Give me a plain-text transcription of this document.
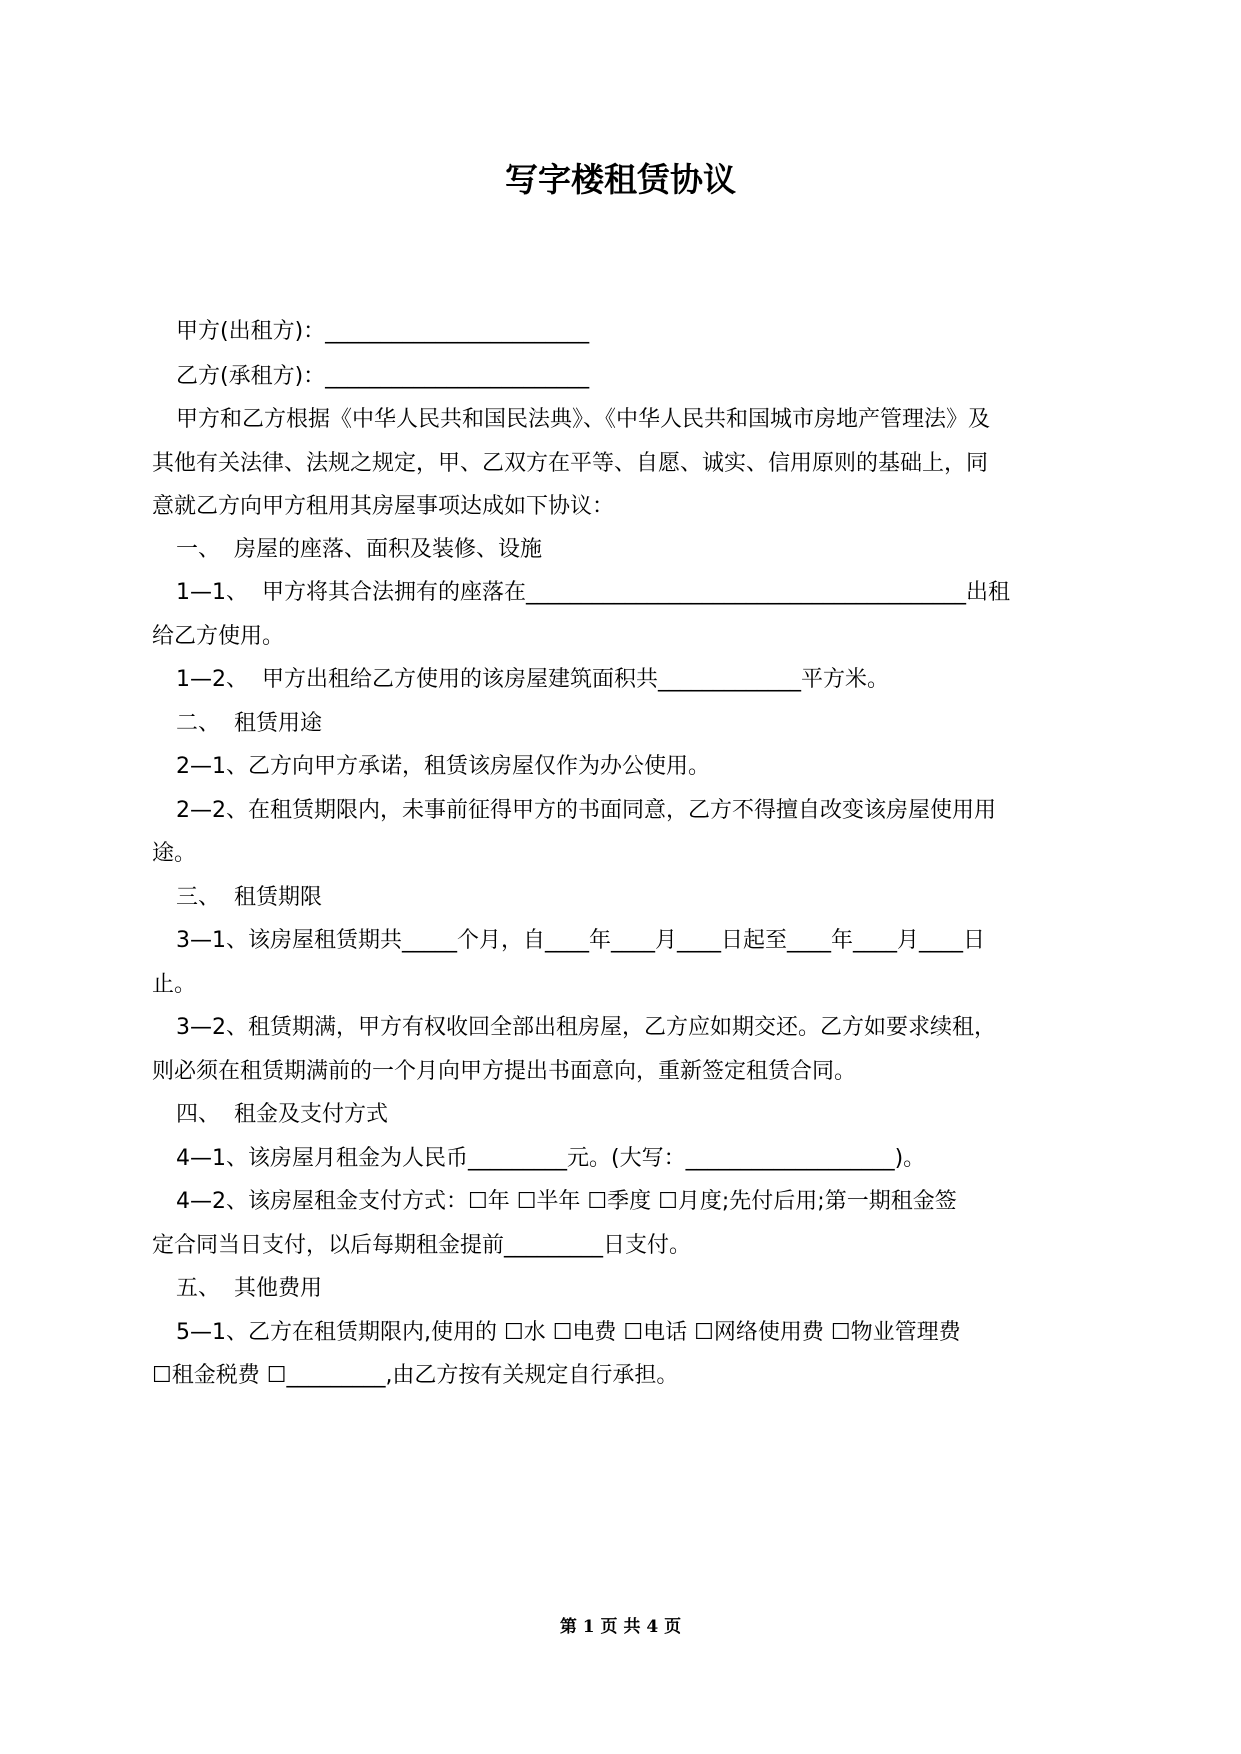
写字楼租赁协议

甲方(出租方)：________________________

乙方(承租方)：________________________

甲方和乙方根据《中华人民共和国民法典》、《中华人民共和国城市房地产管理法》及

其他有关法律、法规之规定，甲、乙双方在平等、自愿、诚实、信用原则的基础上，同

意就乙方向甲方租用其房屋事项达成如下协议：

一、  房屋的座落、面积及装修、设施

1—1、  甲方将其合法拥有的座落在________________________________________出租

给乙方使用。

1—2、  甲方出租给乙方使用的该房屋建筑面积共_____________平方米。

二、  租赁用途

2—1、乙方向甲方承诺，租赁该房屋仅作为办公使用。

2—2、在租赁期限内，未事前征得甲方的书面同意，乙方不得擅自改变该房屋使用用

途。

三、  租赁期限

3—1、该房屋租赁期共_____个月，自____年____月____日起至____年____月____日

止。

3—2、租赁期满，甲方有权收回全部出租房屋，乙方应如期交还。乙方如要求续租，

则必须在租赁期满前的一个月向甲方提出书面意向，重新签定租赁合同。

四、  租金及支付方式

4—1、该房屋月租金为人民币_________元。(大写：___________________)。

4—2、该房屋租金支付方式：☐年 ☐半年 ☐季度 ☐月度;先付后用;第一期租金签

定合同当日支付，以后每期租金提前_________日支付。

五、  其他费用

5—1、乙方在租赁期限内,使用的 ☐水 ☐电费 ☐电话 ☐网络使用费 ☐物业管理费

☐租金税费 ☐_________,由乙方按有关规定自行承担。

第 1 页 共 4 页
